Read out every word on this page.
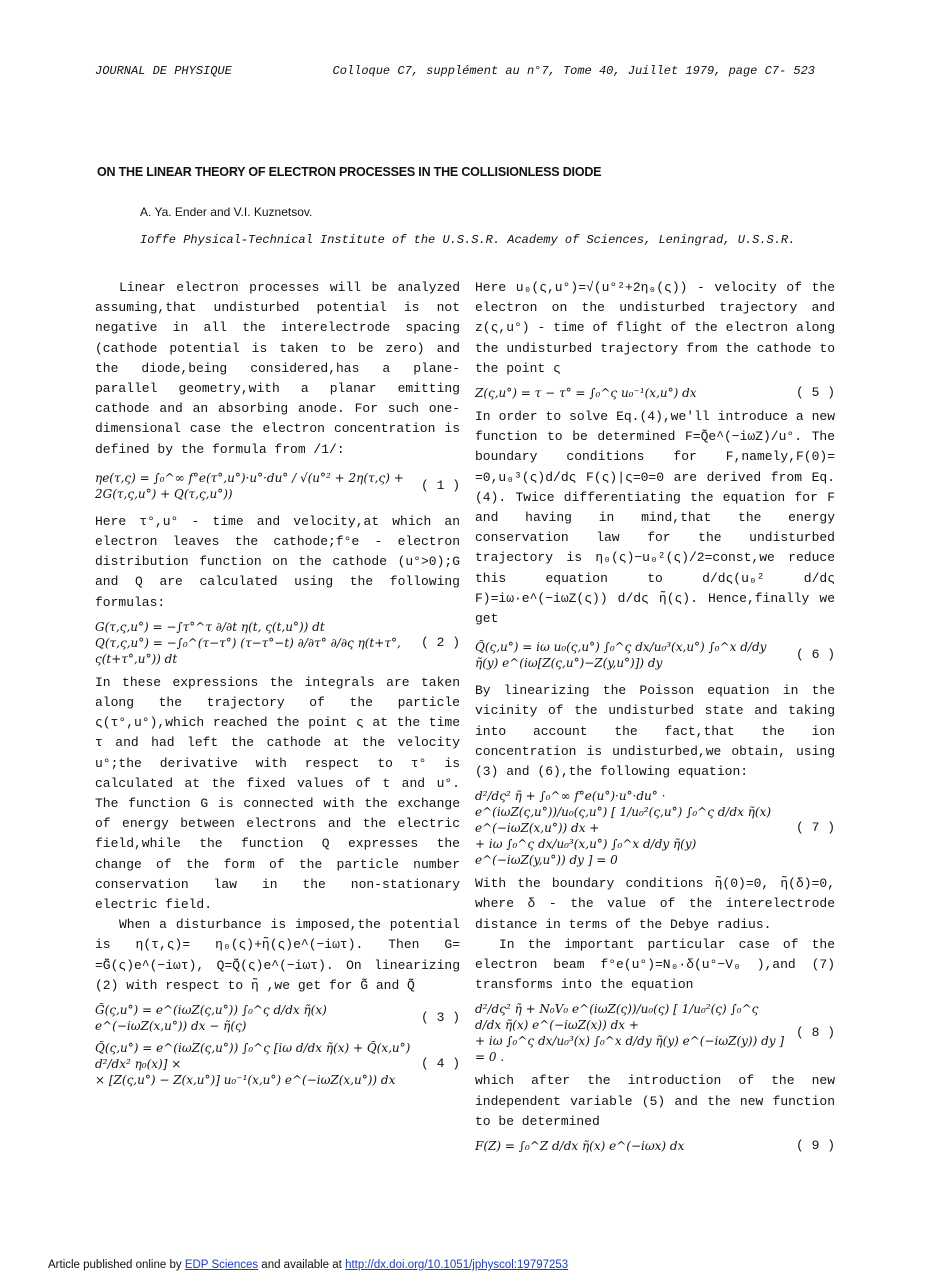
JOURNAL DE PHYSIQUE	Colloque C7, supplément au n°7, Tome 40, Juillet 1979, page C7- 523
ON THE LINEAR THEORY OF ELECTRON PROCESSES IN THE COLLISIONLESS DIODE
A. Ya. Ender and V.I. Kuznetsov.
Ioffe Physical-Technical Institute of the U.S.S.R. Academy of Sciences, Leningrad, U.S.S.R.

Linear electron processes will be analyzed assuming,that undisturbed potential is not negative in all the interelectrode spacing (cathode potential is taken to be zero) and the diode,being considered,has a plane-parallel geometry,with a planar emitting cathode and an absorbing anode. For such one-dimensional case the electron concentration is defined by the formula from /1/:

ηe(τ,ς) = ∫₀^∞ f°e(τ°,u°)·u°·du° / √(u°² + 2η(τ,ς) + 2G(τ,ς,u°) + Q(τ,ς,u°))
( 1 )

Here τ°,u° - time and velocity,at which an electron leaves the cathode;f°e - electron distribution function on the cathode (u°>0);G and Q are calculated using the following formulas:

G(τ,ς,u°) = −∫τ°^τ ∂/∂t η(t, ς(t,u°)) dt
Q(τ,ς,u°) = −∫₀^(τ−τ°) (τ−τ°−t) ∂/∂τ° ∂/∂ς η(t+τ°, ς(t+τ°,u°)) dt
( 2 )

In these expressions the integrals are taken along the trajectory of the particle ς(τ°,u°),which reached the point ς at the time τ and had left the cathode at the velocity u°;the derivative with respect to τ° is calculated at the fixed values of t and u°. The function G is connected with the exchange of energy between electrons and the electric field,while the function Q expresses the change of the form of the particle number conservation law in the non-stationary electric field.

When a disturbance is imposed,the potential is η(τ,ς)= η₀(ς)+η̃(ς)e^(−iωτ). Then G= =G̃(ς)e^(−iωτ), Q=Q̃(ς)e^(−iωτ). On linearizing (2) with respect to η̃ ,we get for G̃ and Q̃

G̃(ς,u°) = e^(iωZ(ς,u°)) ∫₀^ς d/dx η̃(x) e^(−iωZ(x,u°)) dx − η̃(ς)
( 3 )
Q̃(ς,u°) = e^(iωZ(ς,u°)) ∫₀^ς [iω d/dx η̃(x) + Q̃(x,u°) d²/dx² η₀(x)] ×
× [Z(ς,u°) − Z(x,u°)] u₀⁻¹(x,u°) e^(−iωZ(x,u°)) dx
( 4 )

Here u₀(ς,u°)=√(u°²+2η₀(ς)) - velocity of the electron on the undisturbed trajectory and z(ς,u°) - time of flight of the electron along the undisturbed trajectory from the cathode to the point ς

Z(ς,u°) = τ − τ° = ∫₀^ς u₀⁻¹(x,u°) dx	( 5 )

In order to solve Eq.(4),we'll introduce a new function to be determined F=Q̃e^(−iωZ)/u°. The boundary conditions for F,namely,F(0)= =0,u₀³(ς)d/dς F(ς)|ς=0=0 are derived from Eq.(4). Twice differentiating the equation for F and having in mind,that the energy conservation law for the undisturbed trajectory is η₀(ς)−u₀²(ς)/2=const,we reduce this equation to d/dς(u₀² d/dς F)=iω·e^(−iωZ(ς)) d/dς η̃(ς). Hence,finally we get

Q̃(ς,u°) = iω u₀(ς,u°) ∫₀^ς dx/u₀³(x,u°) ∫₀^x d/dy η̃(y) e^(iω[Z(ς,u°)−Z(y,u°)]) dy
( 6 )

By linearizing the Poisson equation in the vicinity of the undisturbed state and taking into account the fact,that the ion concentration is undisturbed,we obtain, using (3) and (6),the following equation:

d²/dς² η̃ + ∫₀^∞ f°e(u°)·u°·du° · e^(iωZ(ς,u°))/u₀(ς,u°) [ 1/u₀²(ς,u°) ∫₀^ς d/dx η̃(x) e^(−iωZ(x,u°)) dx +
+ iω ∫₀^ς dx/u₀³(x,u°) ∫₀^x d/dy η̃(y) e^(−iωZ(y,u°)) dy ] = 0
( 7 )

With the boundary conditions η̃(0)=0, η̃(δ)=0, where δ - the value of the interelectrode distance in terms of the Debye radius.

In the important particular case of the electron beam f°e(u°)=N₀·δ(u°−V₀ ),and (7) transforms into the equation

d²/dς² η̃ + N₀V₀ e^(iωZ(ς))/u₀(ς) [ 1/u₀²(ς) ∫₀^ς d/dx η̃(x) e^(−iωZ(x)) dx +
+ iω ∫₀^ς dx/u₀³(x) ∫₀^x d/dy η̃(y) e^(−iωZ(y)) dy ] = 0 .
( 8 )

which after the introduction of the new independent variable (5) and the new function to be determined

F(Z) = ∫₀^Z d/dx η̃(x) e^(−iωx) dx	( 9 )
Article published online by EDP Sciences and available at http://dx.doi.org/10.1051/jphyscol:19797253
